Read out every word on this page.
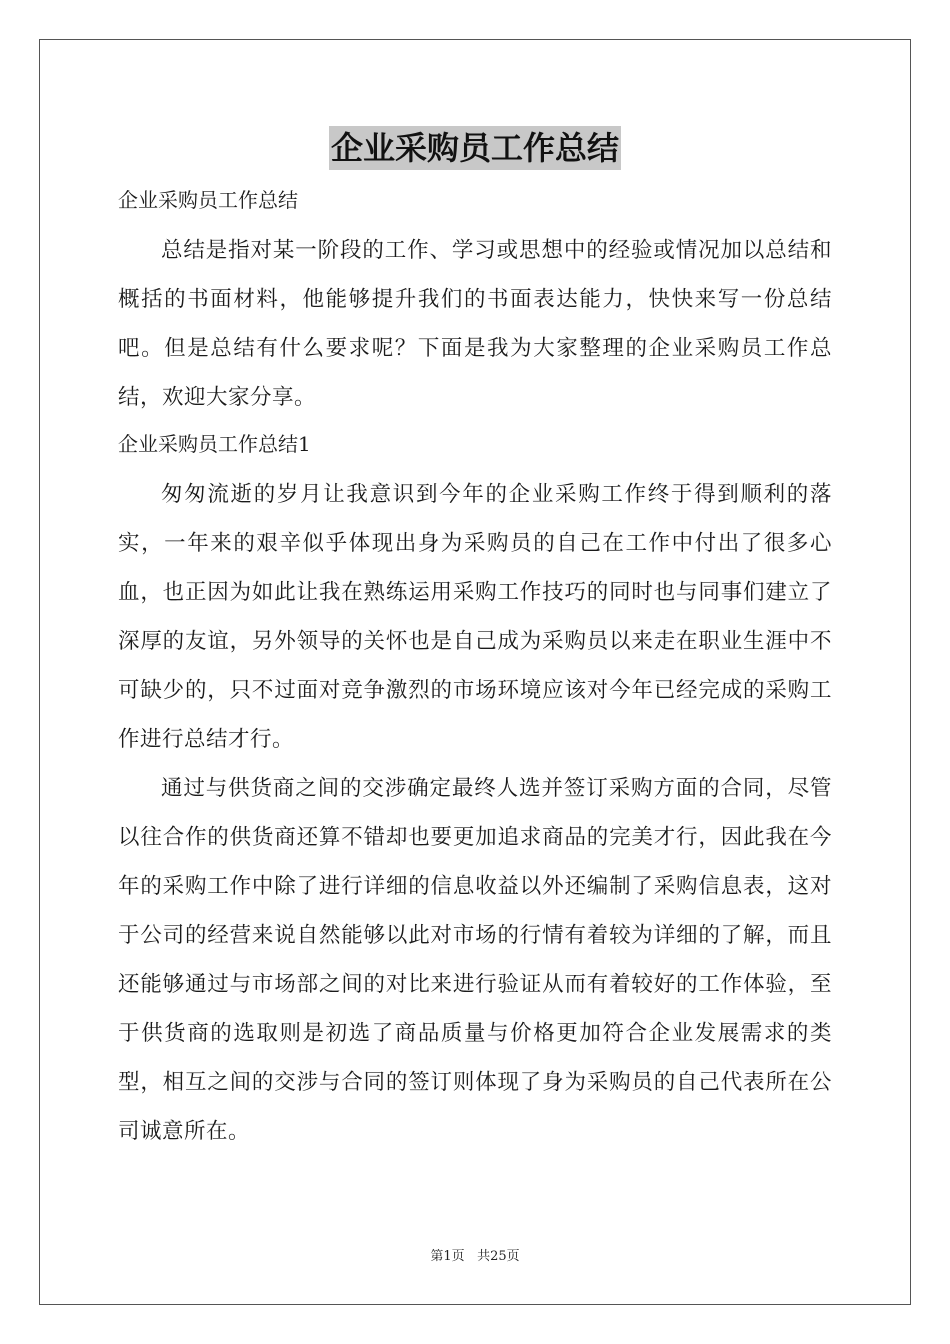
企业采购员工作总结

企业采购员工作总结

总结是指对某一阶段的工作、学习或思想中的经验或情况加以总结和概括的书面材料，他能够提升我们的书面表达能力，快快来写一份总结吧。但是总结有什么要求呢？下面是我为大家整理的企业采购员工作总结，欢迎大家分享。

企业采购员工作总结1

匆匆流逝的岁月让我意识到今年的企业采购工作终于得到顺利的落实，一年来的艰辛似乎体现出身为采购员的自己在工作中付出了很多心血，也正因为如此让我在熟练运用采购工作技巧的同时也与同事们建立了深厚的友谊，另外领导的关怀也是自己成为采购员以来走在职业生涯中不可缺少的，只不过面对竞争激烈的市场环境应该对今年已经完成的采购工作进行总结才行。

通过与供货商之间的交涉确定最终人选并签订采购方面的合同，尽管以往合作的供货商还算不错却也要更加追求商品的完美才行，因此我在今年的采购工作中除了进行详细的信息收益以外还编制了采购信息表，这对于公司的经营来说自然能够以此对市场的行情有着较为详细的了解，而且还能够通过与市场部之间的对比来进行验证从而有着较好的工作体验，至于供货商的选取则是初选了商品质量与价格更加符合企业发展需求的类型，相互之间的交涉与合同的签订则体现了身为采购员的自己代表所在公司诚意所在。

第1页 共25页
